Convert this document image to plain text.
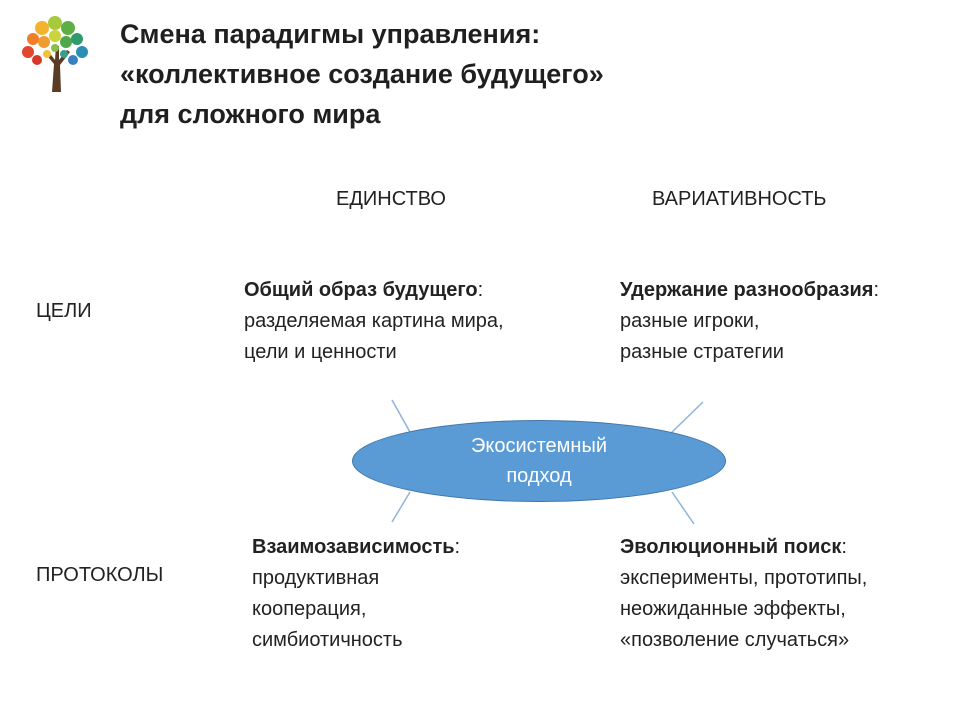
Смена парадигмы управления:
«коллективное создание будущего»
для сложного мира
ЕДИНСТВО	ВАРИАТИВНОСТЬ
ЦЕЛИ
ПРОТОКОЛЫ
Общий образ будущего:
разделяемая картина мира,
цели и ценности
Удержание разнообразия:
разные игроки,
разные стратегии
Взаимозависимость:
продуктивная
кооперация,
симбиотичность
Эволюционный поиск:
эксперименты, прототипы,
неожиданные эффекты,
«позволение случаться»
Экосистемный
подход
